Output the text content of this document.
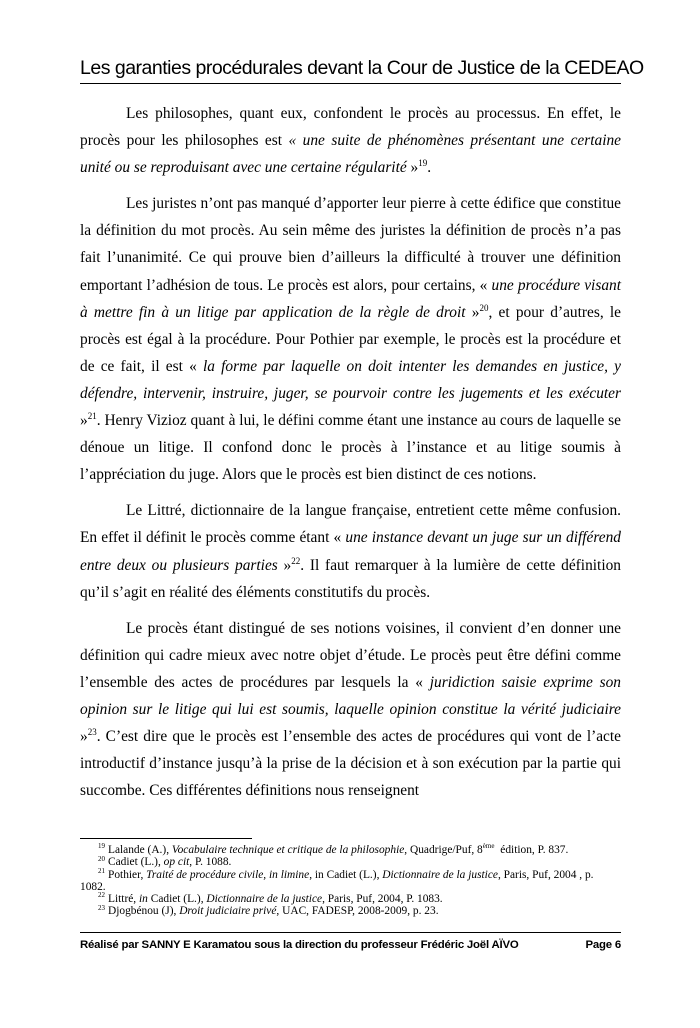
Les garanties procédurales devant la Cour de Justice de la CEDEAO

Les philosophes, quant eux, confondent le procès au processus. En effet, le procès pour les philosophes est « une suite de phénomènes présentant une certaine unité ou se reproduisant avec une certaine régularité »$^{19}$.

Les juristes n’ont pas manqué d’apporter leur pierre à cette édifice que constitue la définition du mot procès. Au sein même des juristes la définition de procès n’a pas fait l’unanimité. Ce qui prouve bien d’ailleurs la difficulté à trouver une définition emportant l’adhésion de tous. Le procès est alors, pour certains, « une procédure visant à mettre fin à un litige par application de la règle de droit »$^{20}$, et pour d’autres, le procès est égal à la procédure. Pour Pothier par exemple, le procès est la procédure et de ce fait, il est « la forme par laquelle on doit intenter les demandes en justice, y défendre, intervenir, instruire, juger, se pourvoir contre les jugements et les exécuter »$^{21}$. Henry Vizioz quant à lui, le défini comme étant une instance au cours de laquelle se dénoue un litige. Il confond donc le procès à l’instance et au litige soumis à l’appréciation du juge. Alors que le procès est bien distinct de ces notions.

Le Littré, dictionnaire de la langue française, entretient cette même confusion. En effet il définit le procès comme étant « une instance devant un juge sur un différend entre deux ou plusieurs parties »$^{22}$. Il faut remarquer à la lumière de cette définition qu’il s’agit en réalité des éléments constitutifs du procès.

Le procès étant distingué de ses notions voisines, il convient d’en donner une définition qui cadre mieux avec notre objet d’étude. Le procès peut être défini comme l’ensemble des actes de procédures par lesquels la « juridiction saisie exprime son opinion sur le litige qui lui est soumis, laquelle opinion constitue la vérité judiciaire »$^{23}$. C’est dire que le procès est l’ensemble des actes de procédures qui vont de l’acte introductif d’instance jusqu’à la prise de la décision et à son exécution par la partie qui succombe. Ces différentes définitions nous renseignent

$^{19}$ Lalande (A.), Vocabulaire technique et critique de la philosophie, Quadrige/Puf, 8ème édition, P. 837.

$^{20}$ Cadiet (L.), op cit, P. 1088.

$^{21}$ Pothier, Traité de procédure civile, in limine, in Cadiet (L.), Dictionnaire de la justice, Paris, Puf, 2004 , p. 1082.

$^{22}$ Littré, in Cadiet (L.), Dictionnaire de la justice, Paris, Puf, 2004, P. 1083.

$^{23}$ Djogbénou (J), Droit judiciaire privé, UAC, FADESP, 2008-2009, p. 23.

Réalisé par SANNY E Karamatou sous la direction du professeur Frédéric Joël AÏVO	Page 6
